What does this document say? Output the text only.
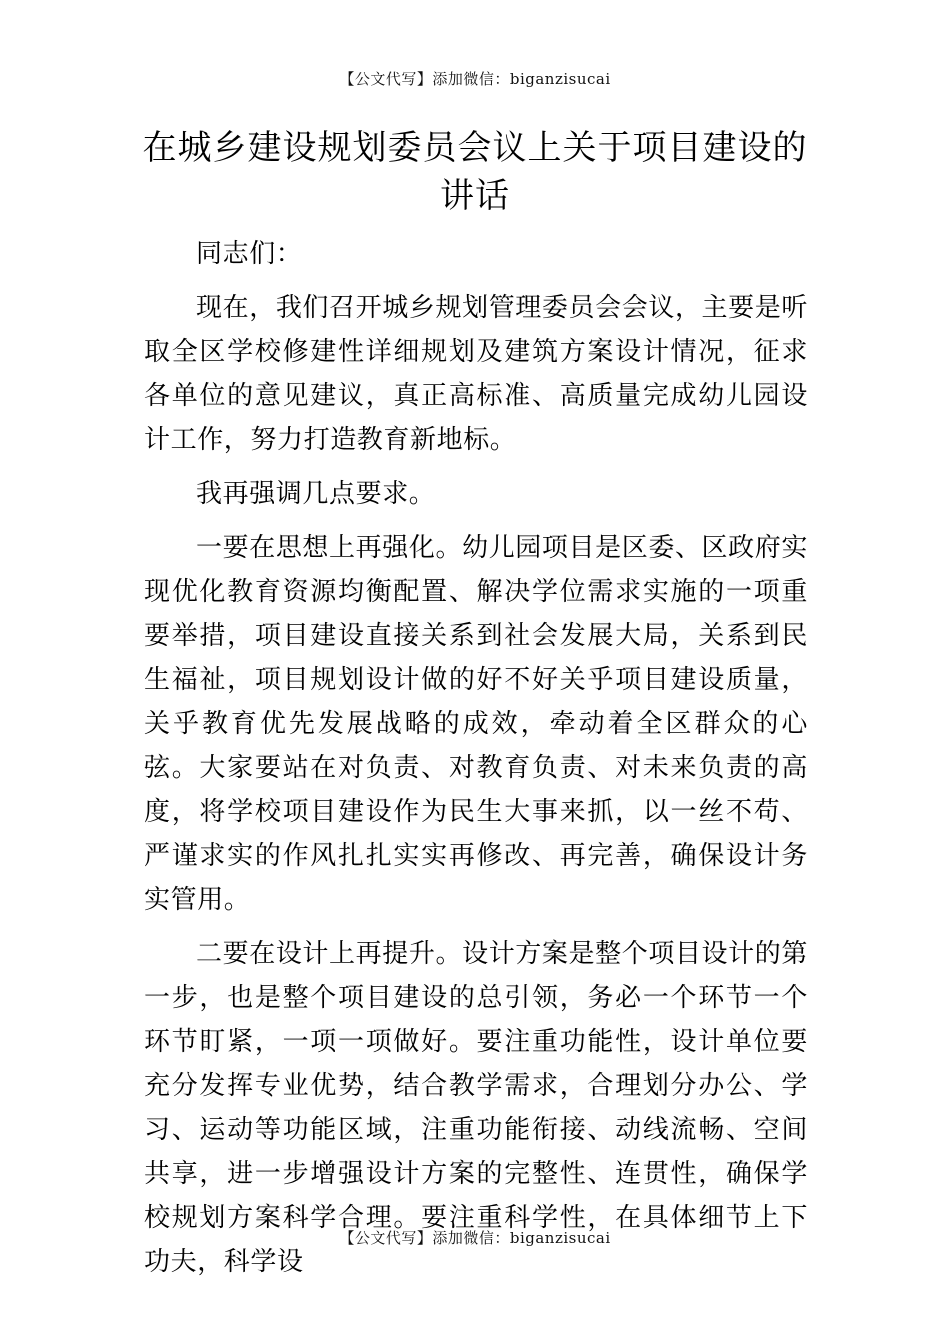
【公文代写】添加微信：biganzisucai
在城乡建设规划委员会议上关于项目建设的讲话

同志们：

现在，我们召开城乡规划管理委员会会议，主要是听取全区学校修建性详细规划及建筑方案设计情况，征求各单位的意见建议，真正高标准、高质量完成幼儿园设计工作，努力打造教育新地标。

我再强调几点要求。

一要在思想上再强化。幼儿园项目是区委、区政府实现优化教育资源均衡配置、解决学位需求实施的一项重要举措，项目建设直接关系到社会发展大局，关系到民生福祉，项目规划设计做的好不好关乎项目建设质量，关乎教育优先发展战略的成效，牵动着全区群众的心弦。大家要站在对负责、对教育负责、对未来负责的高度，将学校项目建设作为民生大事来抓，以一丝不苟、严谨求实的作风扎扎实实再修改、再完善，确保设计务实管用。

二要在设计上再提升。设计方案是整个项目设计的第一步，也是整个项目建设的总引领，务必一个环节一个环节盯紧，一项一项做好。要注重功能性，设计单位要充分发挥专业优势，结合教学需求，合理划分办公、学习、运动等功能区域，注重功能衔接、动线流畅、空间共享，进一步增强设计方案的完整性、连贯性，确保学校规划方案科学合理。要注重科学性，在具体细节上下功夫，科学设

【公文代写】添加微信：biganzisucai
